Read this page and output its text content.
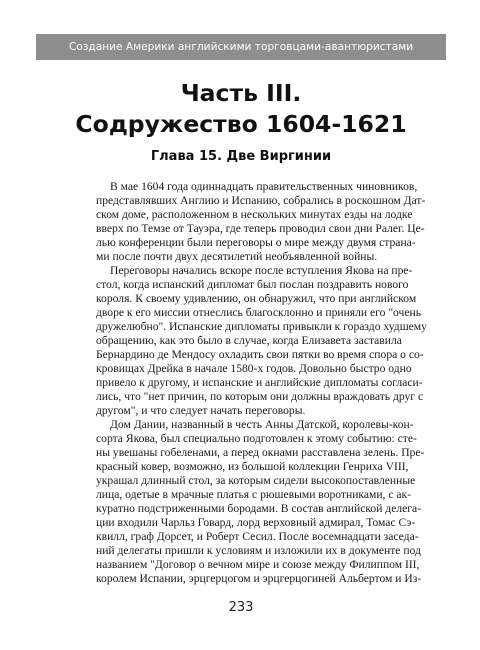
Создание Америки английскими торговцами-авантюристами
Часть III.
Содружество 1604-1621
Глава 15. Две Виргинии
В мае 1604 года одиннадцать правительственных чиновников,
представлявших Англию и Испанию, собрались в роскошном Дат-
ском доме, расположенном в нескольких минутах езды на лодке
вверх по Темзе от Тауэра, где теперь проводил свои дни Ралег. Це-
лью конференции были переговоры о мире между двумя страна-
ми после почти двух десятилетий необъявленной войны.
Переговоры начались вскоре после вступления Якова на пре-
стол, когда испанский дипломат был послан поздравить нового
короля. К своему удивлению, он обнаружил, что при английском
дворе к его миссии отнеслись благосклонно и приняли его "очень
дружелюбно". Испанские дипломаты привыкли к гораздо худшему
обращению, как это было в случае, когда Елизавета заставила
Бернардино де Мендосу охладить свои пятки во время спора о со-
кровищах Дрейка в начале 1580-х годов. Довольно быстро одно
привело к другому, и испанские и английские дипломаты согласи-
лись, что "нет причин, по которым они должны враждовать друг с
другом", и что следует начать переговоры.
Дом Дании, названный в честь Анны Датской, королевы-кон-
сорта Якова, был специально подготовлен к этому событию: сте-
ны увешаны гобеленами, а перед окнами расставлена зелень. Пре-
красный ковер, возможно, из большой коллекции Генриха VIII,
украшал длинный стол, за которым сидели высокопоставленные
лица, одетые в мрачные платья с рюшевыми воротниками, с ак-
куратно подстриженными бородами. В состав английской делега-
ции входили Чарльз Говард, лорд верховный адмирал, Томас Сэ-
квилл, граф Дорсет, и Роберт Сесил. После восемнадцати заседа-
ний делегаты пришли к условиям и изложили их в документе под
названием "Договор о вечном мире и союзе между Филиппом III,
королем Испании, эрцгерцогом и эрцгерцогиней Альбертом и Из-
233
